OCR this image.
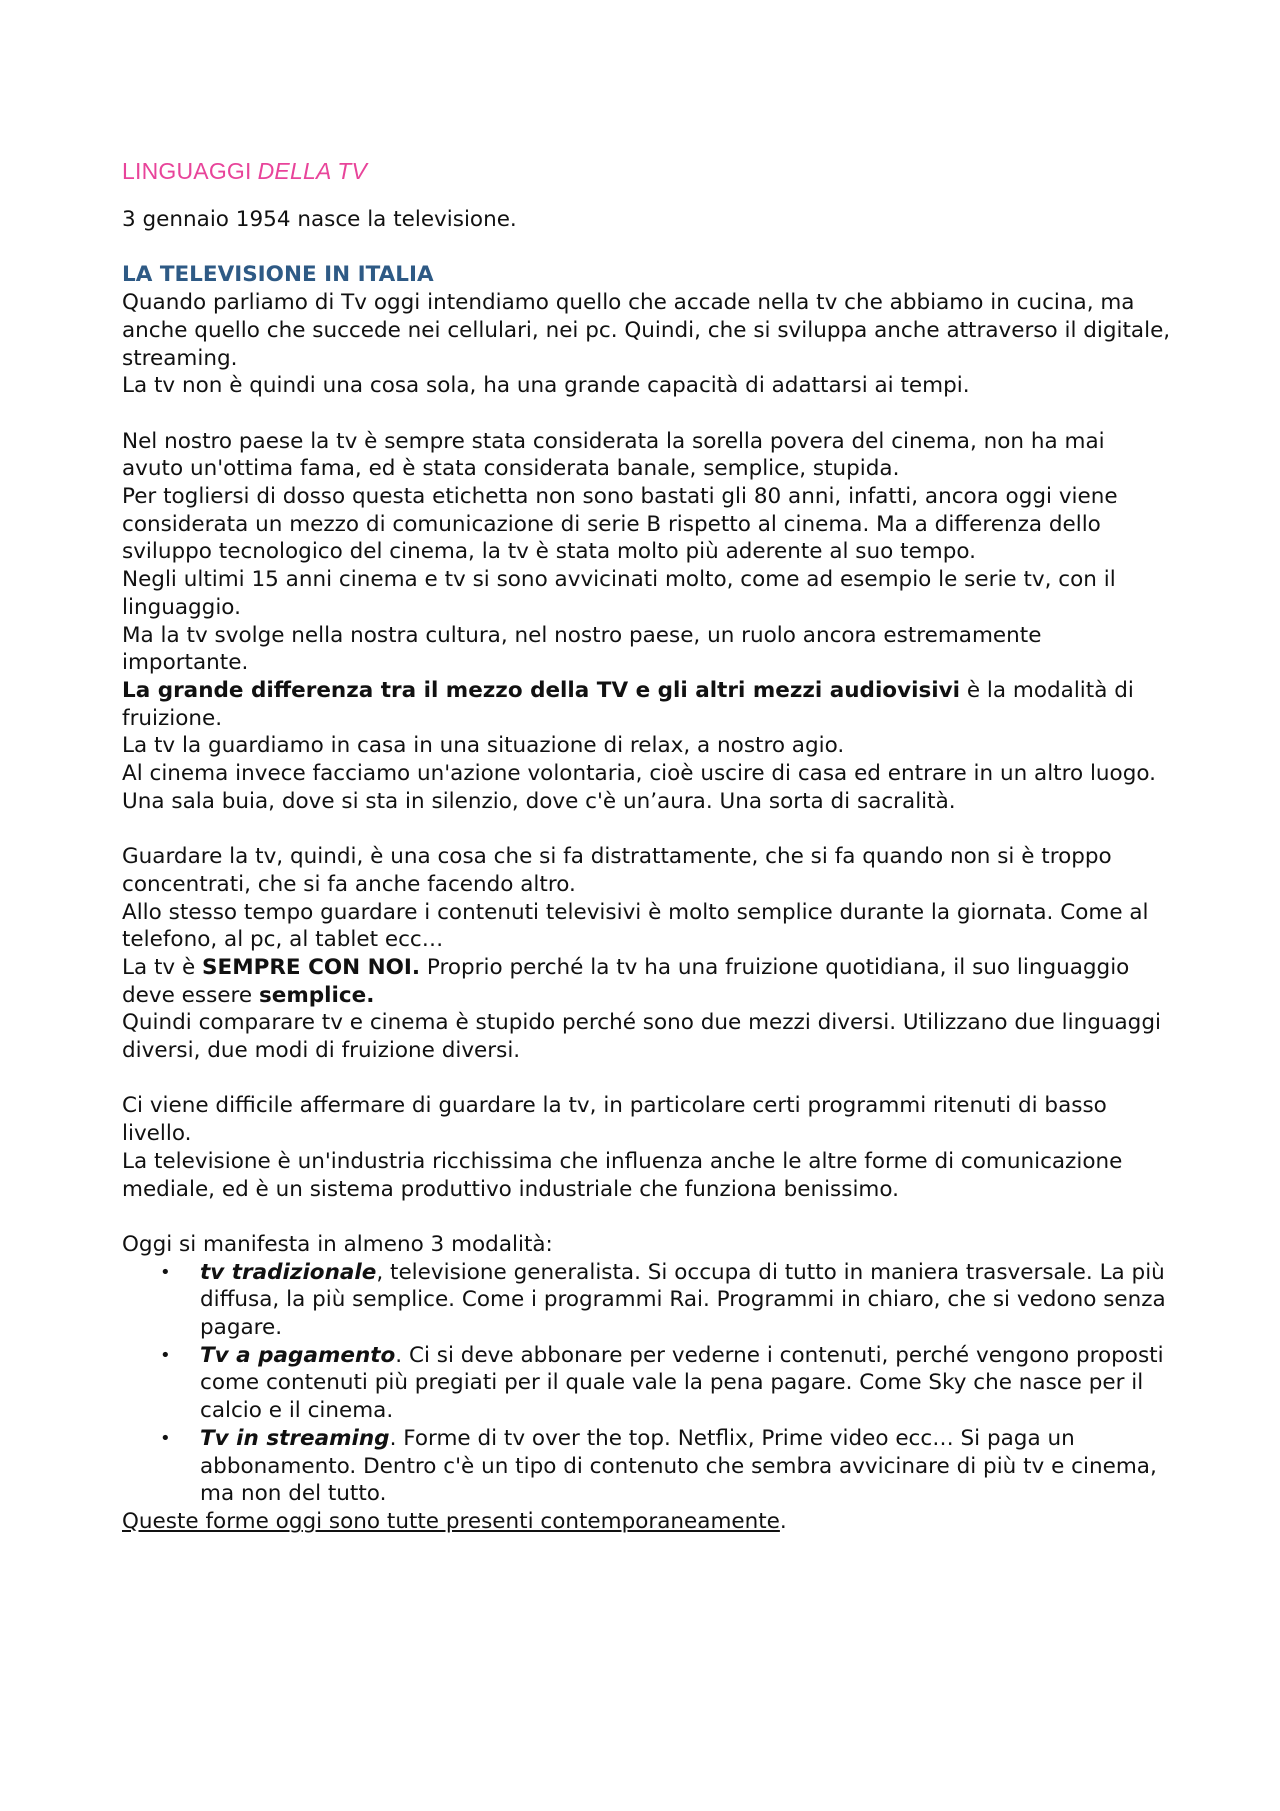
LINGUAGGI DELLA TV

3 gennaio 1954 nasce la televisione.

LA TELEVISIONE IN ITALIA

Quando parliamo di Tv oggi intendiamo quello che accade nella tv che abbiamo in cucina, ma anche quello che succede nei cellulari, nei pc. Quindi, che si sviluppa anche attraverso il digitale, streaming.

La tv non è quindi una cosa sola, ha una grande capacità di adattarsi ai tempi.

Nel nostro paese la tv è sempre stata considerata la sorella povera del cinema, non ha mai avuto un'ottima fama, ed è stata considerata banale, semplice, stupida.

Per togliersi di dosso questa etichetta non sono bastati gli 80 anni, infatti, ancora oggi viene considerata un mezzo di comunicazione di serie B rispetto al cinema. Ma a differenza dello sviluppo tecnologico del cinema, la tv è stata molto più aderente al suo tempo.

Negli ultimi 15 anni cinema e tv si sono avvicinati molto, come ad esempio le serie tv, con il linguaggio.

Ma la tv svolge nella nostra cultura, nel nostro paese, un ruolo ancora estremamente importante.

La grande differenza tra il mezzo della TV e gli altri mezzi audiovisivi è la modalità di fruizione.

La tv la guardiamo in casa in una situazione di relax, a nostro agio.

Al cinema invece facciamo un'azione volontaria, cioè uscire di casa ed entrare in un altro luogo. Una sala buia, dove si sta in silenzio, dove c'è un’aura. Una sorta di sacralità.

Guardare la tv, quindi, è una cosa che si fa distrattamente, che si fa quando non si è troppo concentrati, che si fa anche facendo altro.

Allo stesso tempo guardare i contenuti televisivi è molto semplice durante la giornata. Come al telefono, al pc, al tablet ecc…

La tv è SEMPRE CON NOI. Proprio perché la tv ha una fruizione quotidiana, il suo linguaggio deve essere semplice.

Quindi comparare tv e cinema è stupido perché sono due mezzi diversi. Utilizzano due linguaggi diversi, due modi di fruizione diversi.

Ci viene difficile affermare di guardare la tv, in particolare certi programmi ritenuti di basso livello.

La televisione è un'industria ricchissima che influenza anche le altre forme di comunicazione mediale, ed è un sistema produttivo industriale che funziona benissimo.

Oggi si manifesta in almeno 3 modalità:

• tv tradizionale, televisione generalista. Si occupa di tutto in maniera trasversale. La più diffusa, la più semplice. Come i programmi Rai. Programmi in chiaro, che si vedono senza pagare.
• Tv a pagamento. Ci si deve abbonare per vederne i contenuti, perché vengono proposti come contenuti più pregiati per il quale vale la pena pagare. Come Sky che nasce per il calcio e il cinema.
• Tv in streaming. Forme di tv over the top. Netflix, Prime video ecc… Si paga un abbonamento. Dentro c'è un tipo di contenuto che sembra avvicinare di più tv e cinema, ma non del tutto.

Queste forme oggi sono tutte presenti contemporaneamente.
